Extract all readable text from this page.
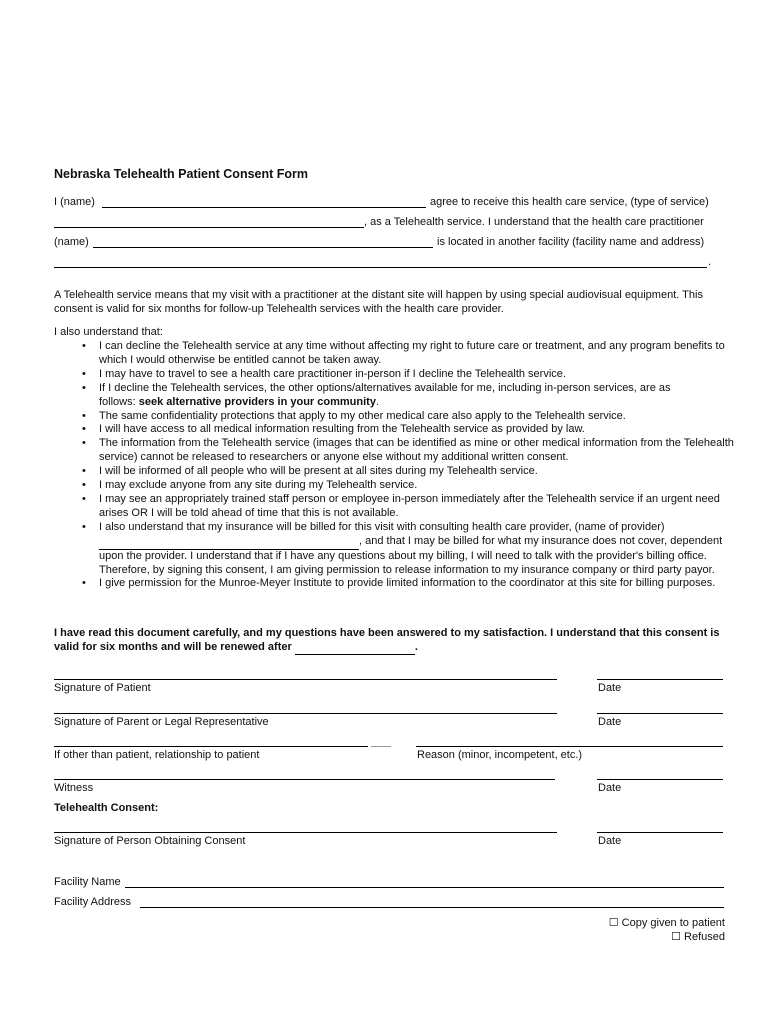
Nebraska Telehealth Patient Consent Form
I (name)	agree to receive this health care service, (type of service)
, as a Telehealth service. I understand that the health care practitioner
(name)	is located in another facility (facility name and address)
.
A Telehealth service means that my visit with a practitioner at the distant site will happen by using special audiovisual equipment. This consent is valid for six months for follow-up Telehealth services with the health care provider.
I also understand that:
• I can decline the Telehealth service at any time without affecting my right to future care or treatment, and any program benefits to which I would otherwise be entitled cannot be taken away.
• I may have to travel to see a health care practitioner in-person if I decline the Telehealth service.
• If I decline the Telehealth services, the other options/alternatives available for me, including in-person services, are as
follows: seek alternative providers in your community.
• The same confidentiality protections that apply to my other medical care also apply to the Telehealth service.
• I will have access to all medical information resulting from the Telehealth service as provided by law.
• The information from the Telehealth service (images that can be identified as mine or other medical information from the Telehealth service) cannot be released to researchers or anyone else without my additional written consent.
• I will be informed of all people who will be present at all sites during my Telehealth service.
• I may exclude anyone from any site during my Telehealth service.
• I may see an appropriately trained staff person or employee in-person immediately after the Telehealth service if an urgent need arises OR I will be told ahead of time that this is not available.
• I also understand that my insurance will be billed for this visit with consulting health care provider, (name of provider)
, and that I may be billed for what my insurance does not cover, dependent upon the provider. I understand that if I have any questions about my billing, I will need to talk with the provider's billing office. Therefore, by signing this consent, I am giving permission to release information to my insurance company or third party payor.
• I give permission for the Munroe-Meyer Institute to provide limited information to the coordinator at this site for billing purposes.
I have read this document carefully, and my questions have been answered to my satisfaction. I understand that this consent is valid for six months and will be renewed after	.
Signature of Patient	Date
Signature of Parent or Legal Representative	Date
If other than patient, relationship to patient	Reason (minor, incompetent, etc.)
Witness	Date
Telehealth Consent:
Signature of Person Obtaining Consent	Date
Facility Name
Facility Address
☐ Copy given to patient
☐ Refused
